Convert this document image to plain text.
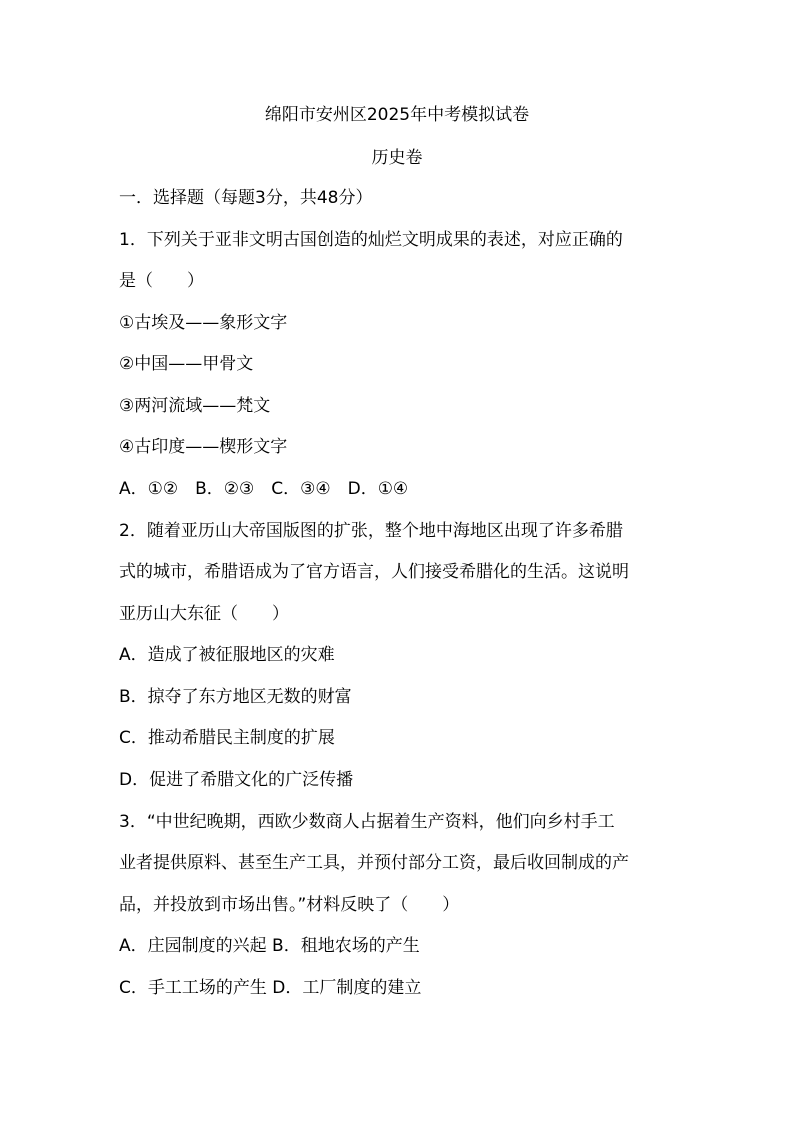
绵阳市安州区2025年中考模拟试卷
历史卷
一．选择题（每题3分，共48分）
1．下列关于亚非文明古国创造的灿烂文明成果的表述，对应正确的
是（　　）
①古埃及——象形文字
②中国——甲骨文
③两河流域——梵文
④古印度——楔形文字
A．①②　B．②③　C．③④　D．①④
2．随着亚历山大帝国版图的扩张，整个地中海地区出现了许多希腊
式的城市，希腊语成为了官方语言，人们接受希腊化的生活。这说明
亚历山大东征（　　）
A．造成了被征服地区的灾难
B．掠夺了东方地区无数的财富
C．推动希腊民主制度的扩展
D．促进了希腊文化的广泛传播
3．“中世纪晚期，西欧少数商人占据着生产资料，他们向乡村手工
业者提供原料、甚至生产工具，并预付部分工资，最后收回制成的产
品，并投放到市场出售。”材料反映了（　　）
A．庄园制度的兴起 B．租地农场的产生
C．手工工场的产生 D．工厂制度的建立
